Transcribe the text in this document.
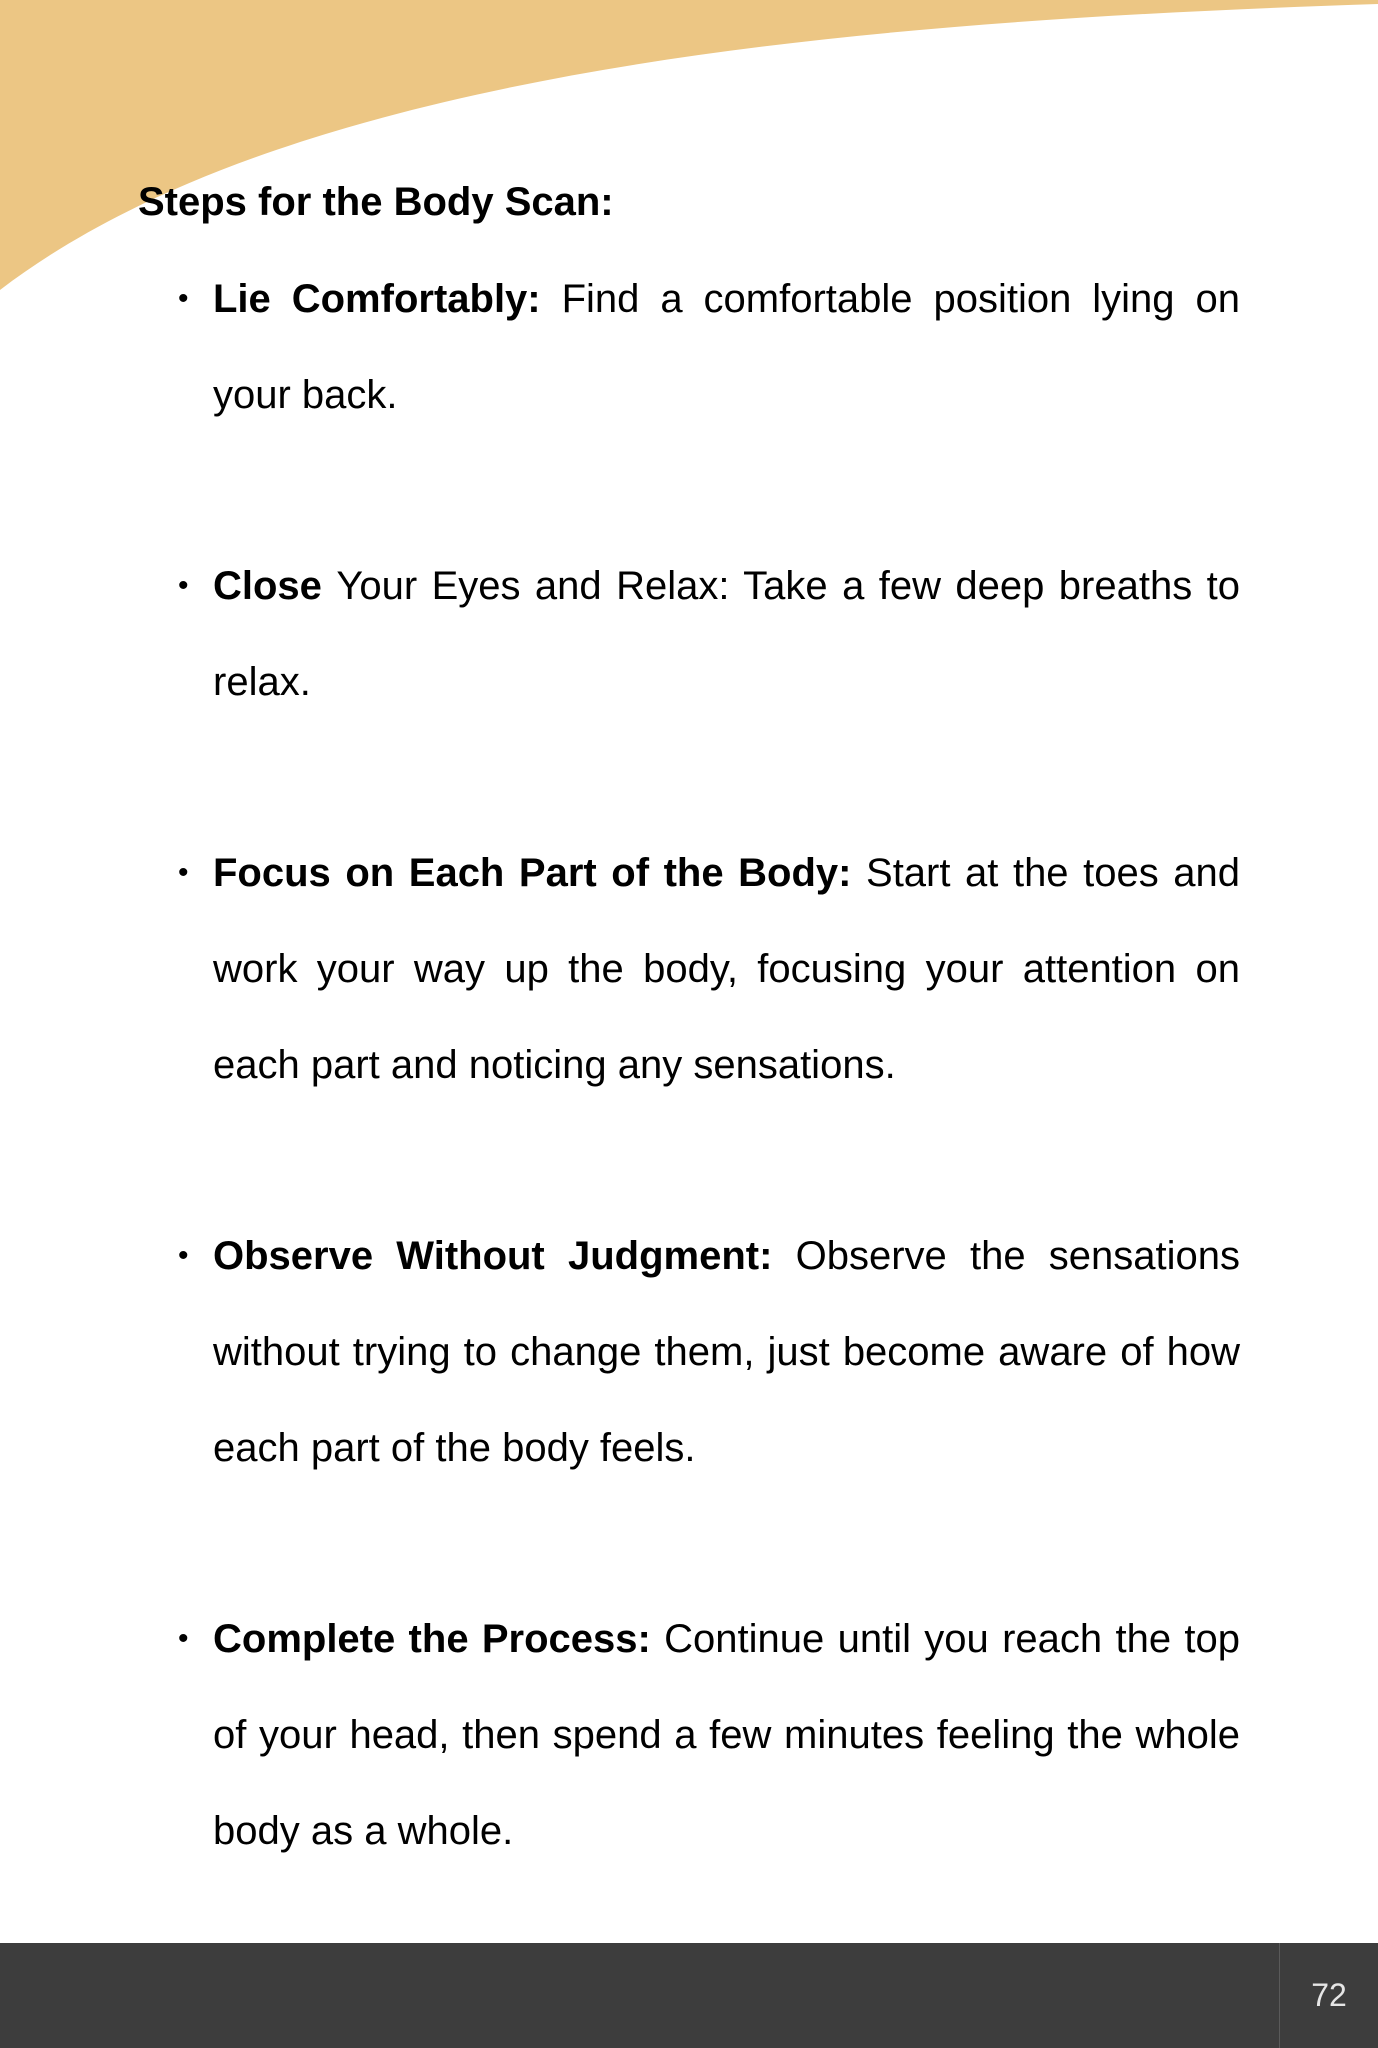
Steps for the Body Scan:
• Lie Comfortably: Find a comfortable position lying on your back.
• Close Your Eyes and Relax: Take a few deep breaths to relax.
• Focus on Each Part of the Body: Start at the toes and work your way up the body, focusing your attention on each part and noticing any sensations.
• Observe Without Judgment: Observe the sensations without trying to change them, just become aware of how each part of the body feels.
• Complete the Process: Continue until you reach the top of your head, then spend a few minutes feeling the whole body as a whole.
72
